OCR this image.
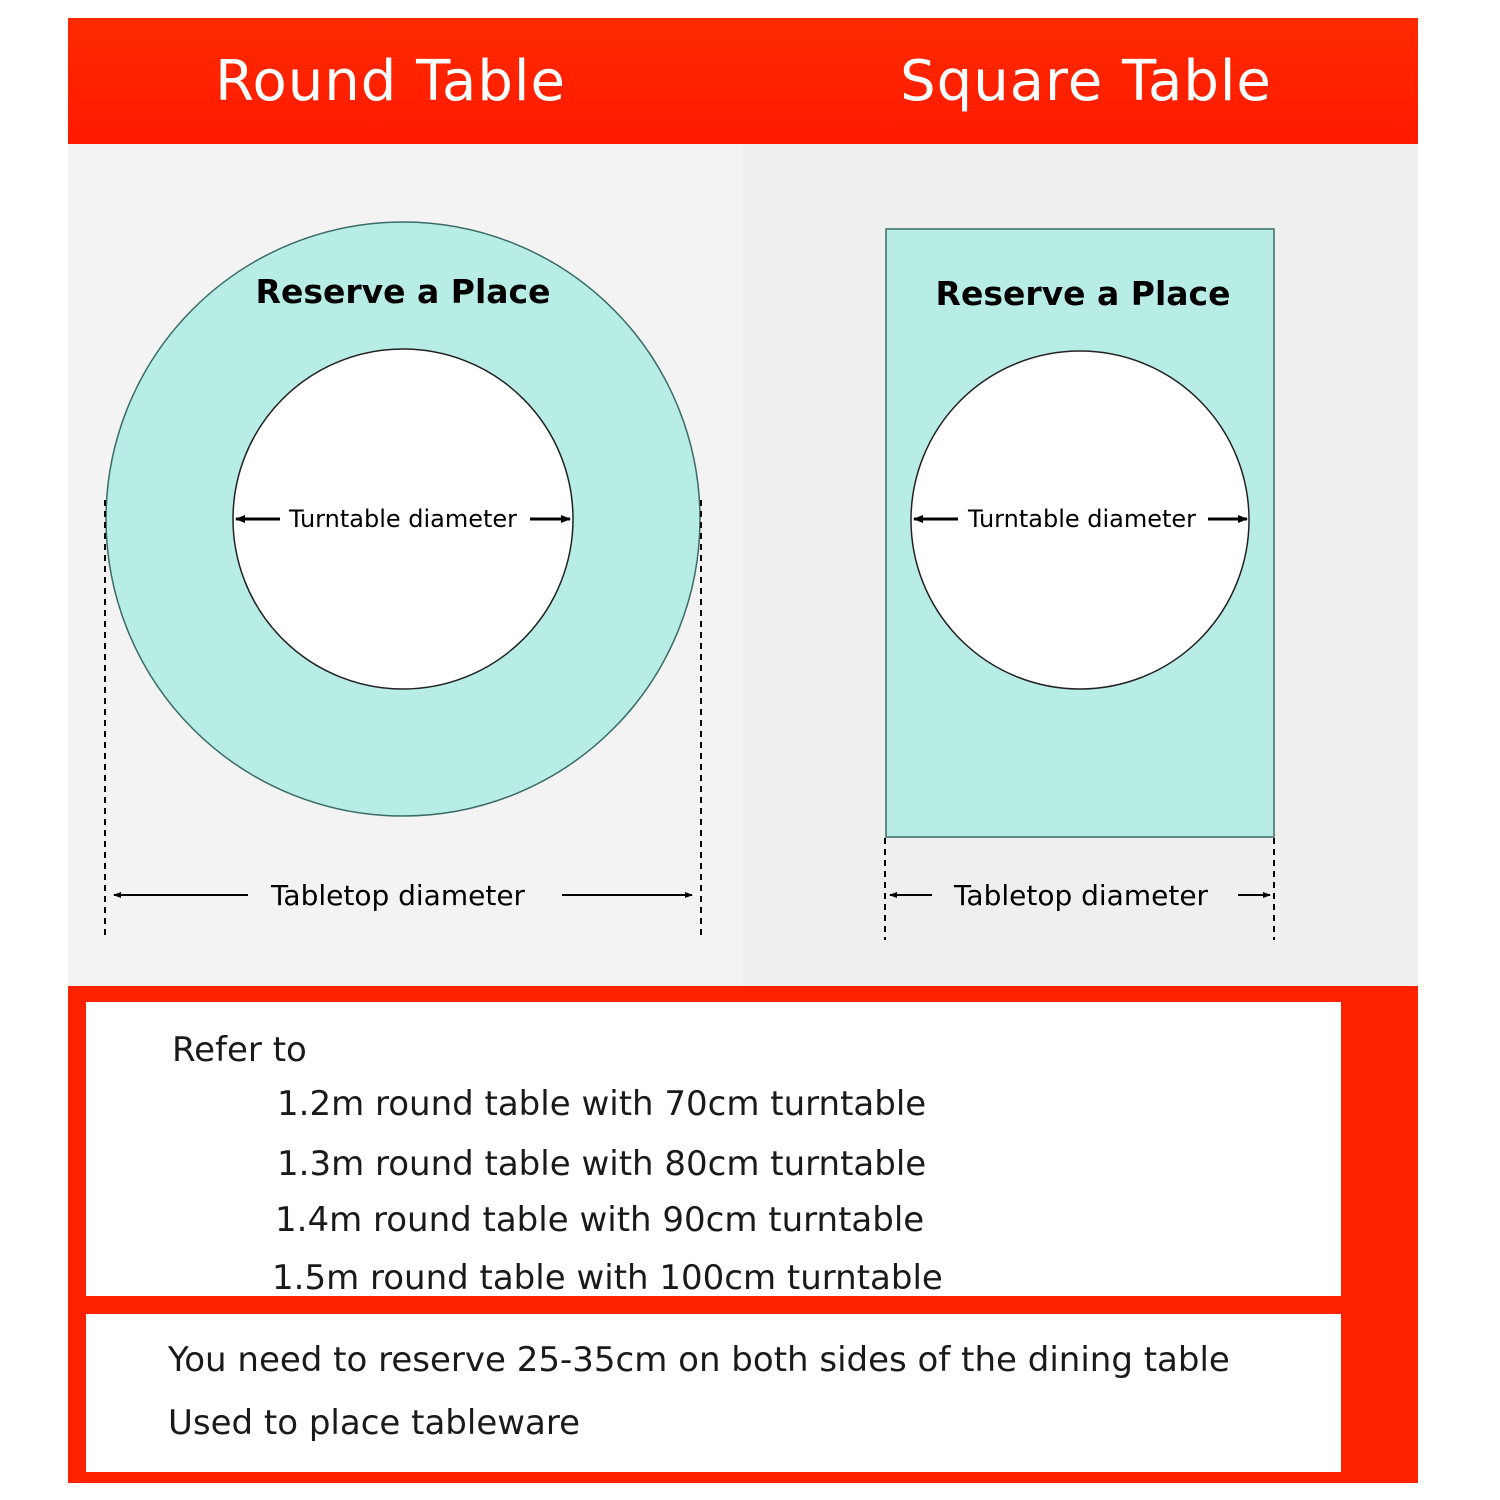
Round Table	Square Table
Reserve a Place
Turntable diameter
Tabletop diameter
Reserve a Place
Turntable diameter
Tabletop diameter
Refer to
1.2m round table with 70cm turntable
1.3m round table with 80cm turntable
1.4m round table with 90cm turntable
1.5m round table with 100cm turntable
You need to reserve 25-35cm on both sides of the dining table
Used to place tableware
